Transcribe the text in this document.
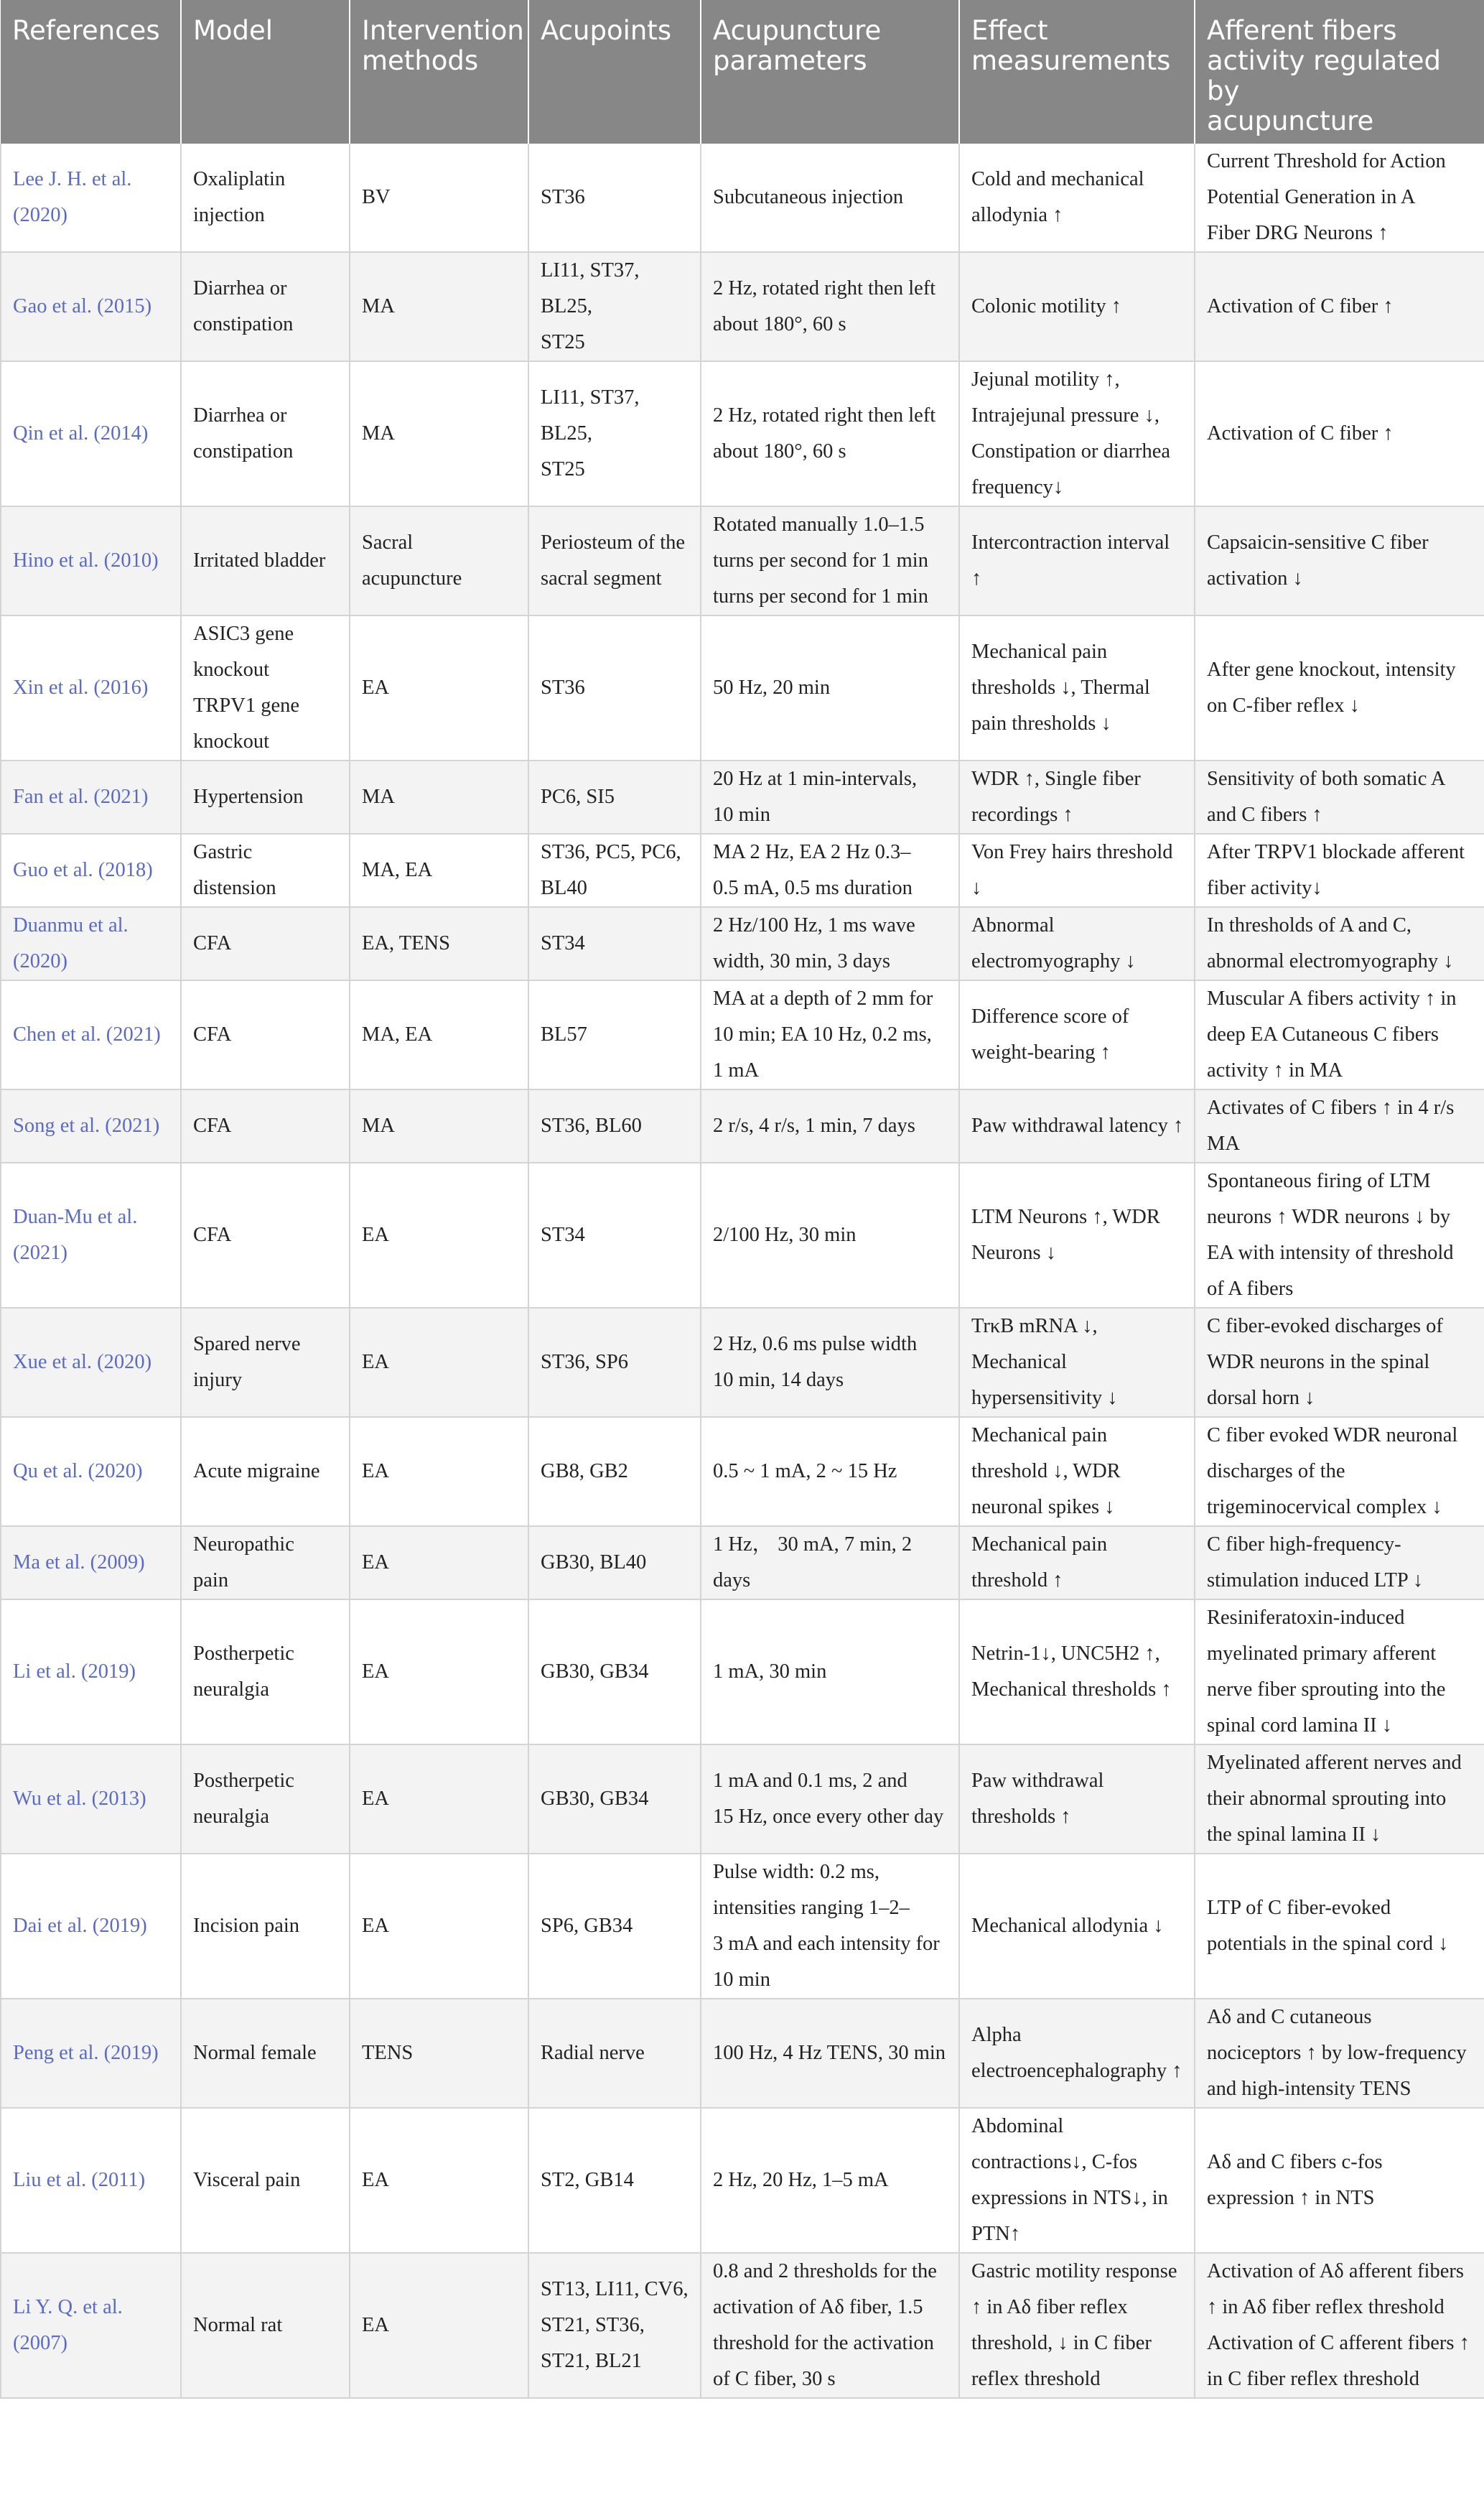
References	Model	Intervention
methods	Acupoints	Acupuncture
parameters	Effect
measurements	Afferent fibers
activity regulated by
acupuncture
Lee J. H. et al.
(2020)	Oxaliplatin
injection	BV	ST36	Subcutaneous injection	Cold and mechanical
allodynia ↑	Current Threshold for Action
Potential Generation in A
Fiber DRG Neurons ↑
Gao et al. (2015)	Diarrhea or
constipation	MA	LI11, ST37, BL25,
ST25	2 Hz, rotated right then left
about 180°, 60 s	Colonic motility ↑	Activation of C fiber ↑
Qin et al. (2014)	Diarrhea or
constipation	MA	LI11, ST37, BL25,
ST25	2 Hz, rotated right then left
about 180°, 60 s	Jejunal motility ↑,
Intrajejunal pressure ↓,
Constipation or diarrhea
frequency↓	Activation of C fiber ↑
Hino et al. (2010)	Irritated bladder	Sacral
acupuncture	Periosteum of the
sacral segment	Rotated manually 1.0–1.5
turns per second for 1 min
turns per second for 1 min	Intercontraction interval ↑	Capsaicin-sensitive C fiber
activation ↓
Xin et al. (2016)	ASIC3 gene
knockout
TRPV1 gene
knockout	EA	ST36	50 Hz, 20 min	Mechanical pain
thresholds ↓, Thermal
pain thresholds ↓	After gene knockout, intensity
on C-fiber reflex ↓
Fan et al. (2021)	Hypertension	MA	PC6, SI5	20 Hz at 1 min-intervals,
10 min	WDR ↑, Single fiber
recordings ↑	Sensitivity of both somatic A
and C fibers ↑
Guo et al. (2018)	Gastric
distension	MA, EA	ST36, PC5, PC6,
BL40	MA 2 Hz, EA 2 Hz 0.3–
0.5 mA, 0.5 ms duration	Von Frey hairs threshold
↓	After TRPV1 blockade afferent
fiber activity↓
Duanmu et al.
(2020)	CFA	EA, TENS	ST34	2 Hz/100 Hz, 1 ms wave
width, 30 min, 3 days	Abnormal
electromyography ↓	In thresholds of A and C,
abnormal electromyography ↓
Chen et al. (2021)	CFA	MA, EA	BL57	MA at a depth of 2 mm for
10 min; EA 10 Hz, 0.2 ms,
1 mA	Difference score of
weight-bearing ↑	Muscular A fibers activity ↑ in
deep EA Cutaneous C fibers
activity ↑ in MA
Song et al. (2021)	CFA	MA	ST36, BL60	2 r/s, 4 r/s, 1 min, 7 days	Paw withdrawal latency ↑	Activates of C fibers ↑ in 4 r/s
MA
Duan-Mu et al.
(2021)	CFA	EA	ST34	2/100 Hz, 30 min	LTM Neurons ↑, WDR
Neurons ↓	Spontaneous firing of LTM
neurons ↑ WDR neurons ↓ by
EA with intensity of threshold
of A fibers
Xue et al. (2020)	Spared nerve
injury	EA	ST36, SP6	2 Hz, 0.6 ms pulse width
10 min, 14 days	TrκB mRNA ↓,
Mechanical
hypersensitivity ↓	C fiber-evoked discharges of
WDR neurons in the spinal
dorsal horn ↓
Qu et al. (2020)	Acute migraine	EA	GB8, GB2	0.5 ~ 1 mA, 2 ~ 15 Hz	Mechanical pain
threshold ↓, WDR
neuronal spikes ↓	C fiber evoked WDR neuronal
discharges of the
trigeminocervical complex ↓
Ma et al. (2009)	Neuropathic
pain	EA	GB30, BL40	1 Hz， 30 mA, 7 min, 2 days	Mechanical pain
threshold ↑	C fiber high-frequency-
stimulation induced LTP ↓
Li et al. (2019)	Postherpetic
neuralgia	EA	GB30, GB34	1 mA, 30 min	Netrin-1↓, UNC5H2 ↑,
Mechanical thresholds ↑	Resiniferatoxin-induced
myelinated primary afferent
nerve fiber sprouting into the
spinal cord lamina II ↓
Wu et al. (2013)	Postherpetic
neuralgia	EA	GB30, GB34	1 mA and 0.1 ms, 2 and
15 Hz, once every other day	Paw withdrawal
thresholds ↑	Myelinated afferent nerves and
their abnormal sprouting into
the spinal lamina II ↓
Dai et al. (2019)	Incision pain	EA	SP6, GB34	Pulse width: 0.2 ms,
intensities ranging 1–2–
3 mA and each intensity for
10 min	Mechanical allodynia ↓	LTP of C fiber-evoked
potentials in the spinal cord ↓
Peng et al. (2019)	Normal female	TENS	Radial nerve	100 Hz, 4 Hz TENS, 30 min	Alpha
electroencephalography ↑	Aδ and C cutaneous
nociceptors ↑ by low-frequency
and high-intensity TENS
Liu et al. (2011)	Visceral pain	EA	ST2, GB14	2 Hz, 20 Hz, 1–5 mA	Abdominal
contractions↓, C-fos
expressions in NTS↓, in
PTN↑	Aδ and C fibers c-fos
expression ↑ in NTS
Li Y. Q. et al.
(2007)	Normal rat	EA	ST13, LI11, CV6,
ST21, ST36,
ST21, BL21	0.8 and 2 thresholds for the
activation of Aδ fiber, 1.5
threshold for the activation
of C fiber, 30 s	Gastric motility response
↑ in Aδ fiber reflex
threshold, ↓ in C fiber
reflex threshold	Activation of Aδ afferent fibers
↑ in Aδ fiber reflex threshold
Activation of C afferent fibers ↑
in C fiber reflex threshold
